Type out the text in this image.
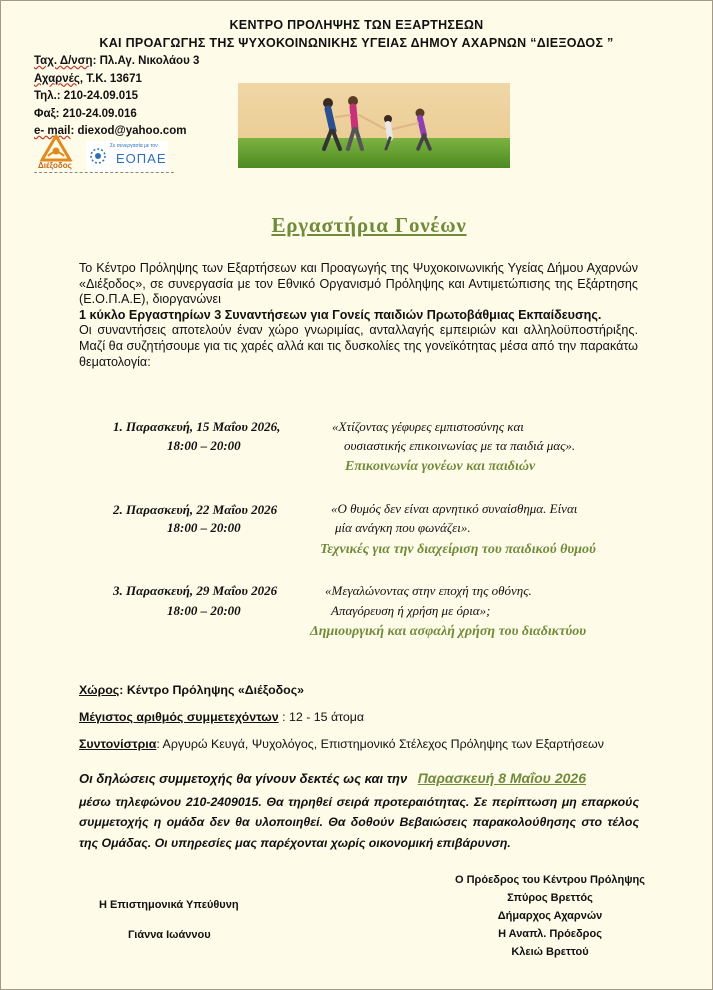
ΚΕΝΤΡΟ ΠΡΟΛΗΨΗΣ ΤΩΝ ΕΞΑΡΤΗΣΕΩΝ
ΚΑΙ ΠΡΟΑΓΩΓΗΣ ΤΗΣ ΨΥΧΟΚΟΙΝΩΝΙΚΗΣ ΥΓΕΙΑΣ ΔΗΜΟΥ ΑΧΑΡΝΩΝ “ΔΙΕΞΟΔΟΣ ”
Ταχ. Δ/νση: Πλ.Αγ. Νικολάου 3
Αχαρνές, Τ.Κ. 13671
Τηλ.: 210-24.09.015
Φαξ: 210-24.09.016
e- mail: diexod@yahoo.com
Διέξοδος
Σε συνεργασία με τον
ΕΟΠΑΕ
Εργαστήρια Γονέων
Το Κέντρο Πρόληψης των Εξαρτήσεων και Προαγωγής της Ψυχοκοινωνικής Υγείας Δήμου Αχαρνών «Διέξοδος», σε συνεργασία με τον Εθνικό Οργανισμό Πρόληψης και Αντιμετώπισης της Εξάρτησης (Ε.Ο.Π.Α.Ε), διοργανώνει
1 κύκλο Εργαστηρίων 3 Συναντήσεων για Γονείς παιδιών Πρωτοβάθμιας Εκπαίδευσης.
Οι συναντήσεις αποτελούν έναν χώρο γνωριμίας, ανταλλαγής εμπειριών και αλληλοϋποστήριξης. Μαζί θα συζητήσουμε για τις χαρές αλλά και τις δυσκολίες της γονεϊκότητας μέσα από την παρακάτω θεματολογία:
1. Παρασκευή, 15 Μαΐου 2026,
18:00 – 20:00
«Χτίζοντας γέφυρες εμπιστοσύνης και
ουσιαστικής επικοινωνίας με τα παιδιά μας».
Επικοινωνία γονέων και παιδιών
2. Παρασκευή, 22 Μαΐου 2026
18:00 – 20:00
«Ο θυμός δεν είναι αρνητικό συναίσθημα. Είναι
μία ανάγκη που φωνάζει».
Τεχνικές για την διαχείριση του παιδικού θυμού
3. Παρασκευή, 29 Μαΐου 2026
18:00 – 20:00
«Μεγαλώνοντας στην εποχή της οθόνης.
Απαγόρευση ή χρήση με όρια»;
Δημιουργική και ασφαλή χρήση του διαδικτύου
Χώρος: Κέντρο Πρόληψης «Διέξοδος»
Μέγιστος αριθμός συμμετεχόντων : 12 - 15 άτομα
Συντονίστρια: Αργυρώ Κευγά, Ψυχολόγος, Επιστημονικό Στέλεχος Πρόληψης των Εξαρτήσεων
Οι δηλώσεις συμμετοχής θα γίνουν δεκτές ως και την Παρασκευή 8 Μαΐου 2026
μέσω τηλεφώνου 210-2409015. Θα τηρηθεί σειρά προτεραιότητας. Σε περίπτωση μη επαρκούς συμμετοχής η ομάδα δεν θα υλοποιηθεί. Θα δοθούν Βεβαιώσεις παρακολούθησης στο τέλος της Ομάδας. Οι υπηρεσίες μας παρέχονται χωρίς οικονομική επιβάρυνση.
Η Επιστημονικά Υπεύθυνη
Γιάννα Ιωάννου
Ο Πρόεδρος του Κέντρου Πρόληψης
Σπύρος Βρεττός
Δήμαρχος Αχαρνών
Η Αναπλ. Πρόεδρος
Κλειώ Βρεττού
